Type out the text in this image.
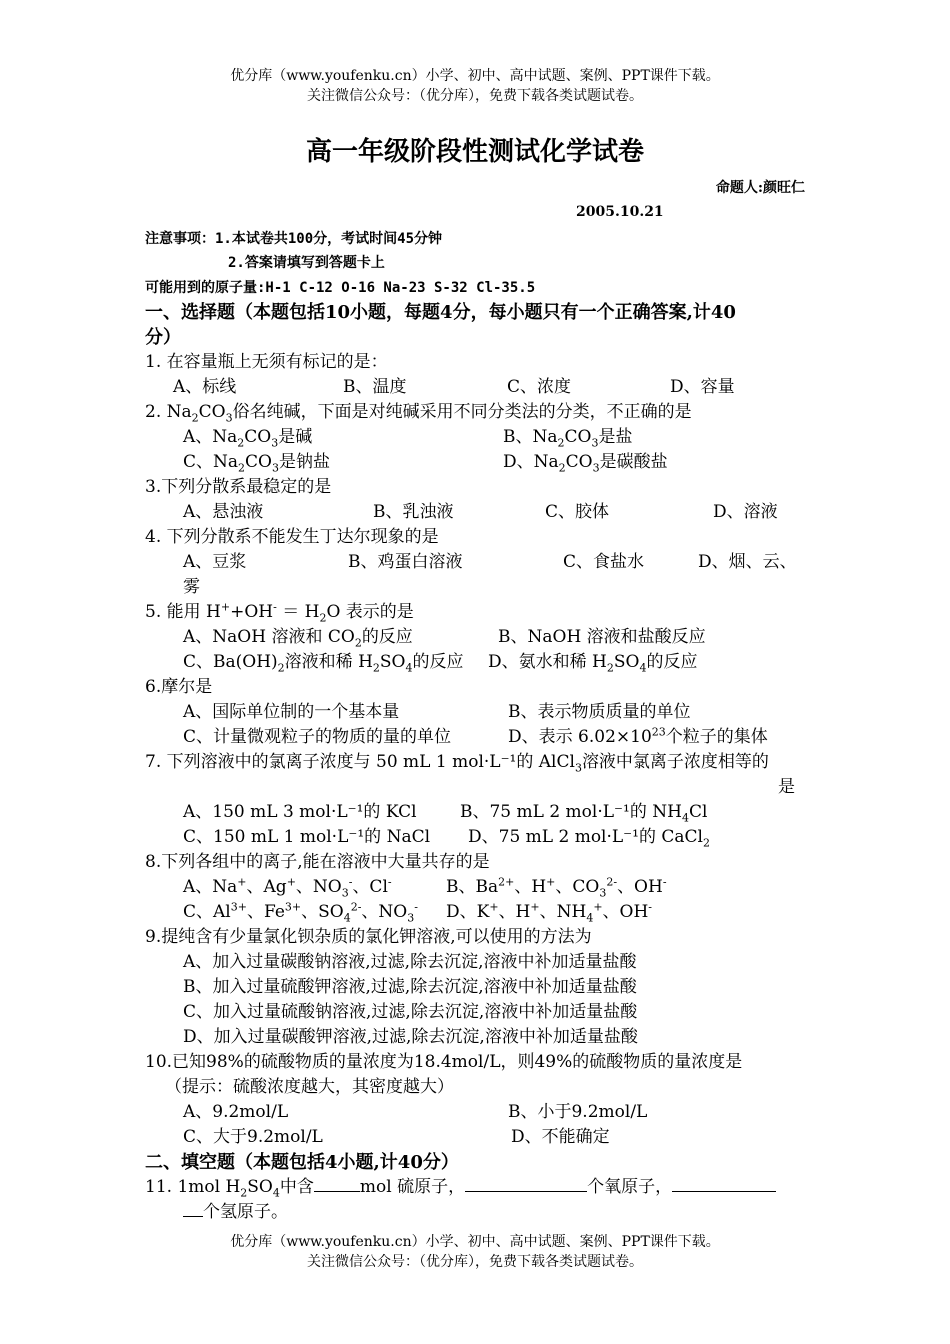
优分库（www.youfenku.cn）小学、初中、高中试题、案例、PPT课件下载。
关注微信公众号：（优分库），免费下载各类试题试卷。
高一年级阶段性测试化学试卷
命题人:颜旺仁
2005.10.21
注意事项：1.本试卷共100分，考试时间45分钟
2.答案请填写到答题卡上
可能用到的原子量:H-1 C-12 O-16 Na-23 S-32 Cl-35.5
一、选择题（本题包括10小题，每题4分，每小题只有一个正确答案,计40
分）
1. 在容量瓶上无须有标记的是：
A、标线	B、温度	C、浓度	D、容量
2. $Na_2CO_3$俗名纯碱，下面是对纯碱采用不同分类法的分类，不正确的是
A、$Na_2CO_3$是碱	B、$Na_2CO_3$是盐
C、$Na_2CO_3$是钠盐	D、$Na_2CO_3$是碳酸盐
3.下列分散系最稳定的是
A、悬浊液	B、乳浊液	C、胶体	D、溶液
4. 下列分散系不能发生丁达尔现象的是
A、豆浆	B、鸡蛋白溶液	C、食盐水	D、烟、云、
雾
5. 能用 $H^++OH^- = H_2O$ 表示的是
A、NaOH 溶液和 $CO_2$的反应	B、NaOH 溶液和盐酸反应
C、$Ba(OH)_2$溶液和稀 $H_2SO_4$的反应 D、氨水和稀 $H_2SO_4$的反应
6.摩尔是
A、国际单位制的一个基本量	B、表示物质质量的单位
C、计量微观粒子的物质的量的单位	D、表示 $6.02\times 10^{23}$个粒子的集体
7. 下列溶液中的氯离子浓度与 50 mL 1 mol·L⁻¹的 AlCl$_3$溶液中氯离子浓度相等的
是
A、150 mL 3 mol·L⁻¹的 KCl	B、75 mL 2 mol·L⁻¹的 $NH_4Cl$
C、150 mL 1 mol·L⁻¹的 NaCl D、75 mL 2 mol·L⁻¹的 CaCl$_2$
8.下列各组中的离子,能在溶液中大量共存的是
A、Na+、Ag+、$NO_3^-$、Cl-	B、$Ba^{2+}$、H+、$CO_3^{2-}$、OH-
C、$Al^{3+}$、$Fe^{3+}$、$SO_4^{2-}$、$NO_3^-$ D、K+、H+、$NH_4^+$、OH-
9.提纯含有少量氯化钡杂质的氯化钾溶液,可以使用的方法为
A、加入过量碳酸钠溶液,过滤,除去沉淀,溶液中补加适量盐酸
B、加入过量硫酸钾溶液,过滤,除去沉淀,溶液中补加适量盐酸
C、加入过量硫酸钠溶液,过滤,除去沉淀,溶液中补加适量盐酸
D、加入过量碳酸钾溶液,过滤,除去沉淀,溶液中补加适量盐酸
10.已知98%的硫酸物质的量浓度为18.4mol/L，则49%的硫酸物质的量浓度是
（提示：硫酸浓度越大，其密度越大）
A、9.2mol/L	B、小于9.2mol/L
C、大于9.2mol/L	D、不能确定
二、填空题（本题包括4小题,计40分）
11. 1mol $H_2SO_4$中含	mol 硫原子，	个氧原子，
个氢原子。
优分库（www.youfenku.cn）小学、初中、高中试题、案例、PPT课件下载。
关注微信公众号：（优分库），免费下载各类试题试卷。
